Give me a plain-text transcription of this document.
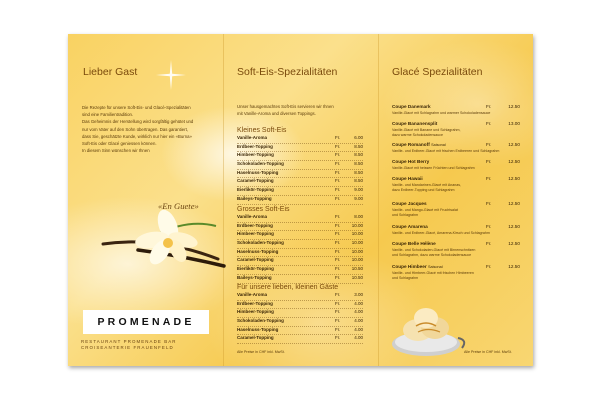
Lieber Gast

Die Rezepte für unsere Soft-Eis- und Glacé-Spezialitäten

sind eine Familientradition.

Das Geheimnis der Herstellung wird sorgfältig gehütet und

nur vom Vater auf den Sohn übertragen. Das garantiert,

dass Sie, geschätzte Kunde, wirklich nur hier ein «Burna»

Soft-Eis oder Glacé geniessen können.

In diesem Sinn wünschen wir Ihnen

«En Guete»
PROMENADE
RESTAURANT PROMENADE BAR
CROISEANTERIE FRAUENFELD
Soft-Eis-Spezialitäten
Unser hausgemachtes Soft-Eis servieren wir Ihnen
mit Vanille-Aroma und diversen Toppings.
Kleines Soft-Eis
Vanille-Aroma	Fr.	6.00
Erdbeer-Topping	Fr.	8.50
Himbeer-Topping	Fr.	8.50
Schokoladen-Topping	Fr.	8.50
Haselnuss-Topping	Fr.	8.50
Caramel-Topping	Fr.	8.50
Eierlikör-Topping	Fr.	9.00
Baileys-Topping	Fr.	9.00
Grosses Soft-Eis
Vanille-Aroma	Fr.	8.00
Erdbeer-Topping	Fr.	10.00
Himbeer-Topping	Fr.	10.00
Schokoladen-Topping	Fr.	10.00
Haselnuss-Topping	Fr.	10.00
Caramel-Topping	Fr.	10.00
Eierlikör-Topping	Fr.	10.50
Baileys-Topping	Fr.	10.50
Für unsere lieben, kleinen Gäste
Vanille-Aroma	Fr.	3.00
Erdbeer-Topping	Fr.	4.00
Himbeer-Topping	Fr.	4.00
Schokoladen-Topping	Fr.	4.00
Haselnuss-Topping	Fr.	4.00
Caramel-Topping	Fr.	4.00
Alle Preise in CHF inkl. MwSt.
Glacé Spezialitäten
Coupe Danemark	Fr.	12.50
Vanille-Glacé mit Schlagrahm und warmer Schokoladensauce
Coupe Bananensplit	Fr.	13.00
Vanille-Glacé mit Banane und Schlagrahm,
dazu warme Schokoladensauce
Coupe Romanoff Saisonal	Fr.	12.50
Vanille- und Erdbeer-Glacé mit frischen Erdbeeren und Schlagrahm
Coupe Hot Berry	Fr.	12.50
Vanille-Glacé mit heissen Früchten und Schlagrahm
Coupe Hawaii	Fr.	12.50
Vanille- und Mandarinen-Glacé mit Ananas,
dazu Erdbeer-Topping und Schlagrahm
Coupe Jacques	Fr.	12.50
Vanille- und Mango-Glacé mit Fruchtsalat
und Schlagrahm
Coupe Amarena	Fr.	12.50
Vanille- und Erdbeer-Glacé, Amarena-Kirsch und Schlagrahm
Coupe Belle Hélène	Fr.	12.50
Vanille- und Schokoladen-Glacé mit Birnenschnitzen
und Schlagrahm, dazu warme Schokoladensauce
Coupe Himbeer Saisonal	Fr.	12.50
Vanille- und Himbeer-Glacé mit frischen Himbeeren
und Schlagrahm
Alle Preise in CHF inkl. MwSt.
